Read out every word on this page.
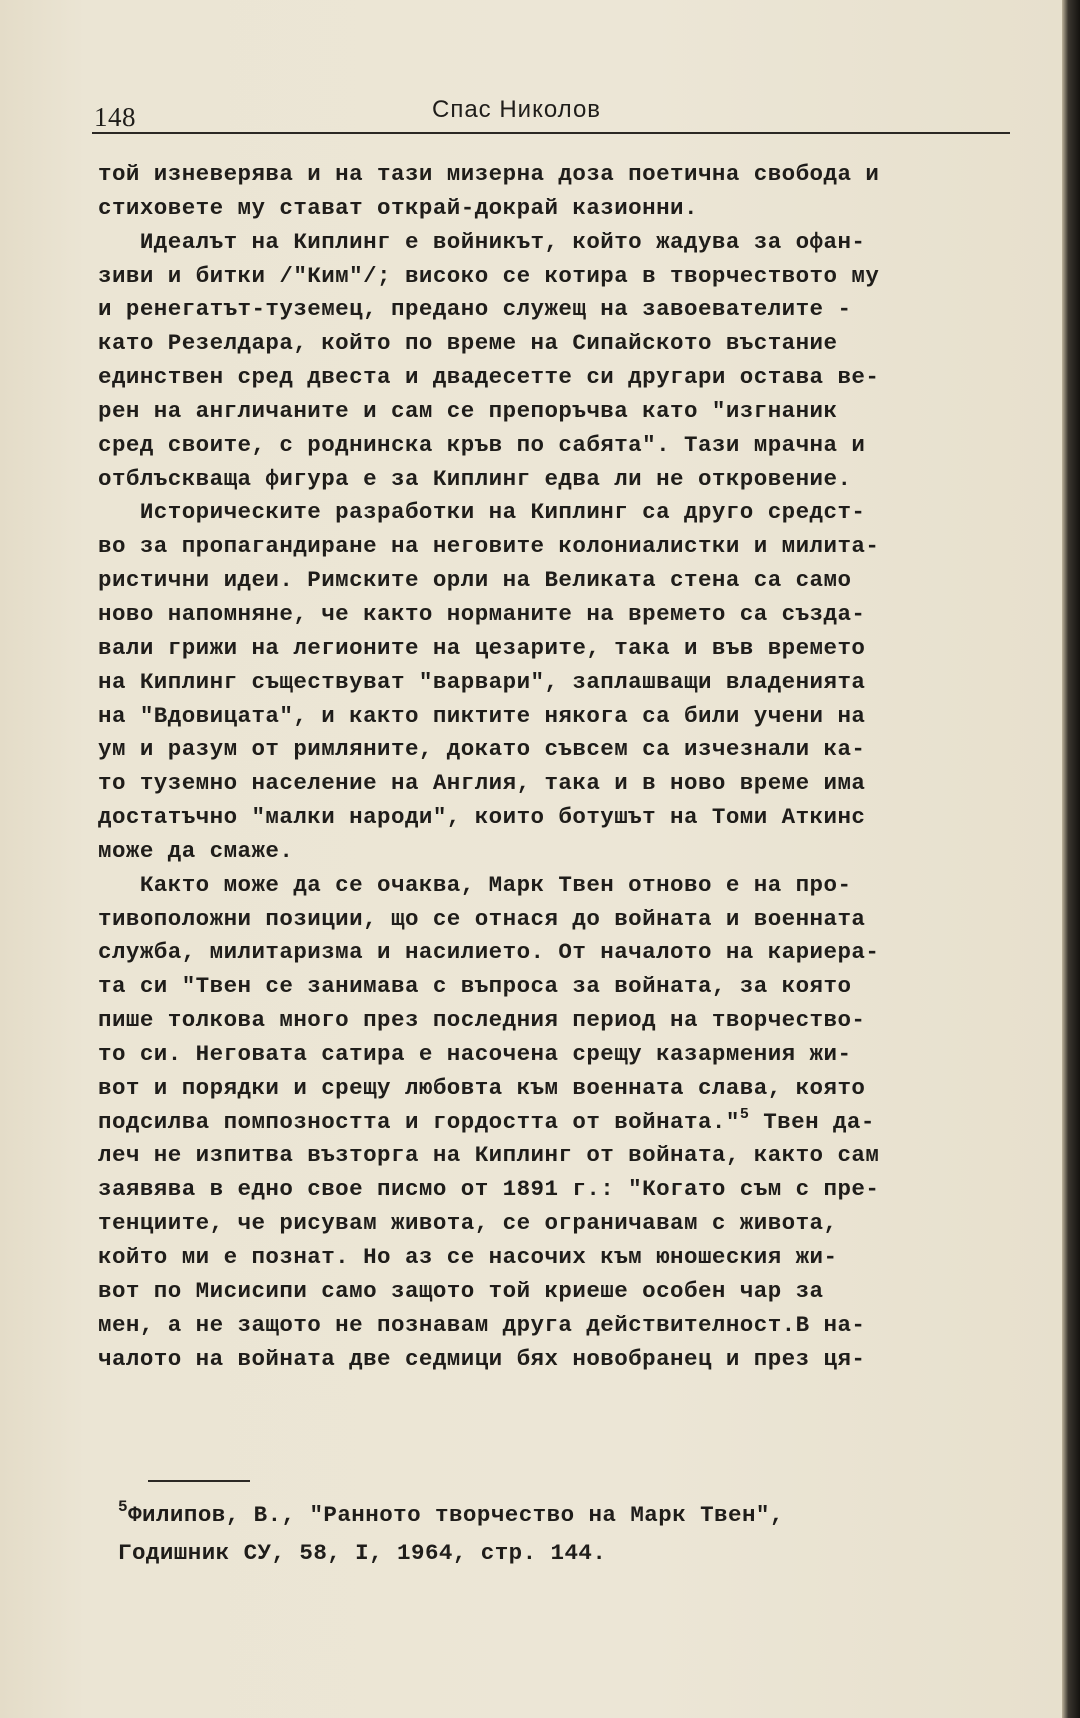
148	Спас Николов
той изневерява и на тази мизерна доза поетична свобода и
стиховете му стават открай-докрай казионни.
Идеалът на Киплинг е войникът, който жадува за офан-
зиви и битки /"Ким"/; високо се котира в творчеството му
и ренегатът-туземец, предано служещ на завоевателите -
като Резелдара, който по време на Сипайското въстание
единствен сред двеста и двадесетте си другари остава ве-
рен на англичаните и сам се препоръчва като "изгнаник
сред своите, с роднинска кръв по сабята". Тази мрачна и
отблъскваща фигура е за Киплинг едва ли не откровение.
Историческите разработки на Киплинг са друго средст-
во за пропагандиране на неговите колониалистки и милита-
ристични идеи. Римските орли на Великата стена са само
ново напомняне, че както норманите на времето са създа-
вали грижи на легионите на цезарите, така и във времето
на Киплинг съществуват "варвари", заплашващи владенията
на "Вдовицата", и както пиктите някога са били учени на
ум и разум от римляните, докато съвсем са изчезнали ка-
то туземно население на Англия, така и в ново време има
достатъчно "малки народи", които ботушът на Томи Аткинс
може да смаже.
Както може да се очаква, Марк Твен отново е на про-
тивоположни позиции, що се отнася до войната и военната
служба, милитаризма и насилието. От началото на кариера-
та си "Твен се занимава с въпроса за войната, за която
пише толкова много през последния период на творчество-
то си. Неговата сатира е насочена срещу казармения жи-
вот и порядки и срещу любовта към военната слава, която
подсилва помпозността и гордостта от войната."$^5$ Твен да-
леч не изпитва възторга на Киплинг от войната, както сам
заявява в едно свое писмо от 1891 г.: "Когато съм с пре-
тенциите, че рисувам живота, се ограничавам с живота,
който ми е познат. Но аз се насочих към юношеския жи-
вот по Мисисипи само защото той криеше особен чар за
мен, а не защото не познавам друга действителност.В на-
чалото на войната две седмици бях новобранец и през ця-
$^5$Филипов, В., "Ранното творчество на Марк Твен",
Годишник СУ, 58, I, 1964, стр. 144.
